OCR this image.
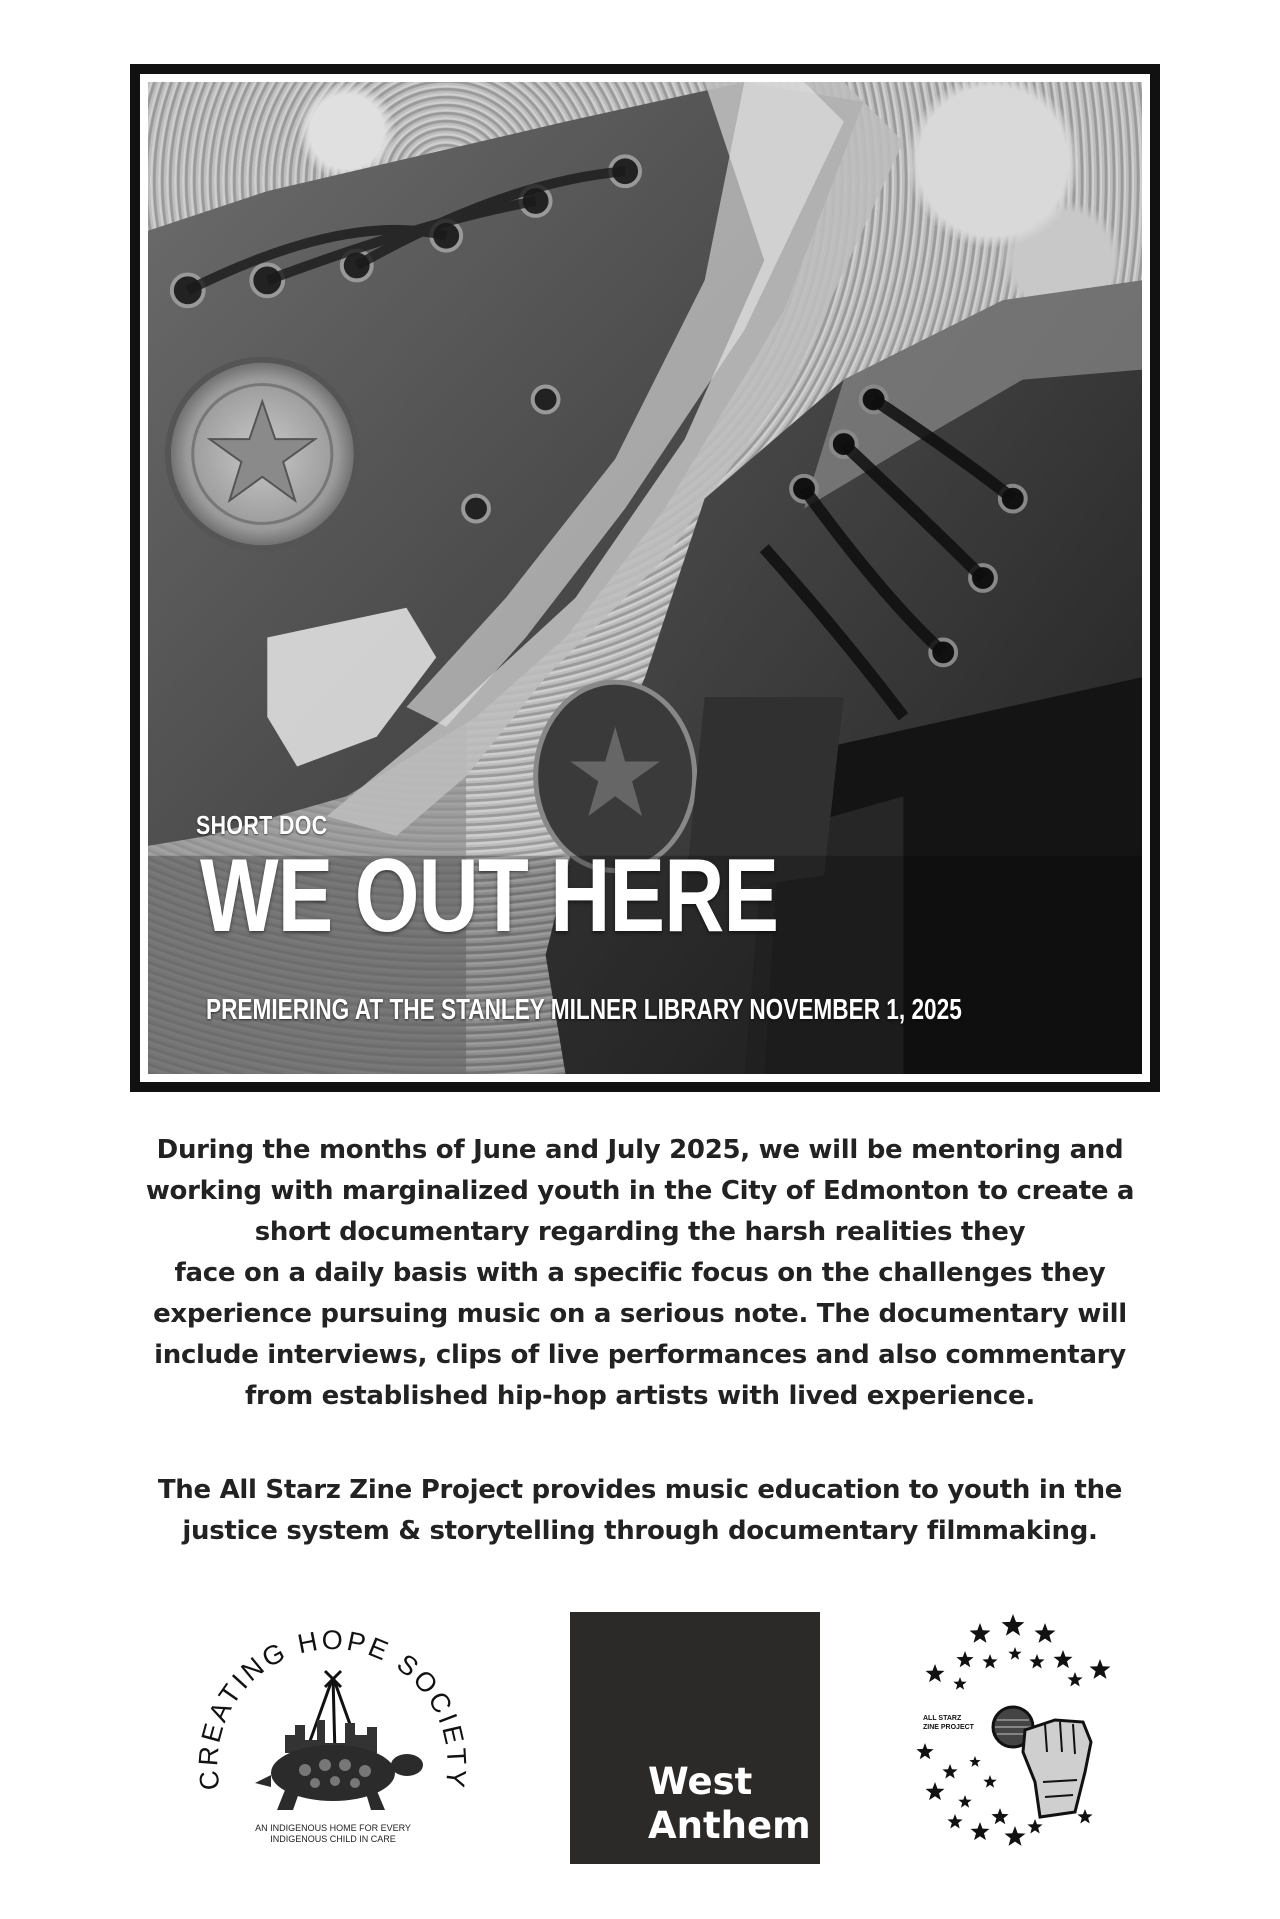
SHORT DOC
WE OUT HERE
PREMIERING AT THE STANLEY MILNER LIBRARY NOVEMBER 1, 2025
During the months of June and July 2025, we will be mentoring and
working with marginalized youth in the City of Edmonton to create a
short documentary regarding the harsh realities they
face on a daily basis with a specific focus on the challenges they
experience pursuing music on a serious note. The documentary will
include interviews, clips of live performances and also commentary
from established hip-hop artists with lived experience.
The All Starz Zine Project provides music education to youth in the
justice system & storytelling through documentary filmmaking.
CREATING HOPE SOCIETY
AN INDIGENOUS HOME FOR EVERY
INDIGENOUS CHILD IN CARE
West
Anthem
ALL STARZ
ZINE PROJECT
